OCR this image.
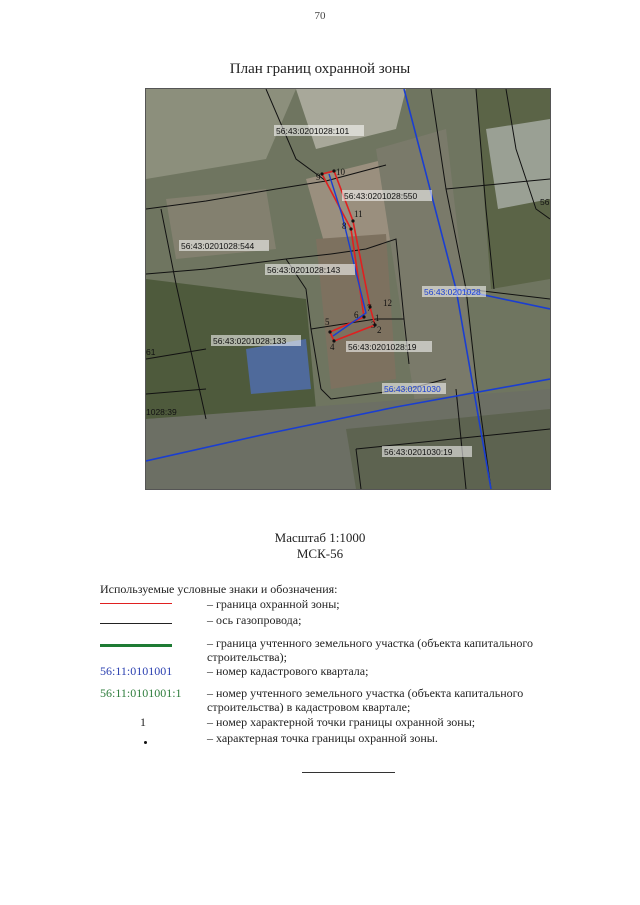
70
План границ охранной зоны
9 10
8
11
12
1
2
3
6
5
4
7
56:43:0201028:101
56:43:0201028:550
56:43:0201028:544
56:43:0201028:143
56:43:0201028:133
56:43:0201028:19
56:43:0201030:19
61
1028:39
56
56:43:0201028
56:43:0201030
Масштаб 1:1000
МСК-56
Используемые условные знаки и обозначения:
– граница охранной зоны;
– ось газопровода;
– граница учтенного земельного участка (объекта капитального строительства);
56:11:0101001	– номер кадастрового квартала;
56:11:0101001:1	– номер учтенного земельного участка (объекта капитального строительства) в кадастровом квартале;
1	– номер характерной точки границы охранной зоны;
– характерная точка границы охранной зоны.
